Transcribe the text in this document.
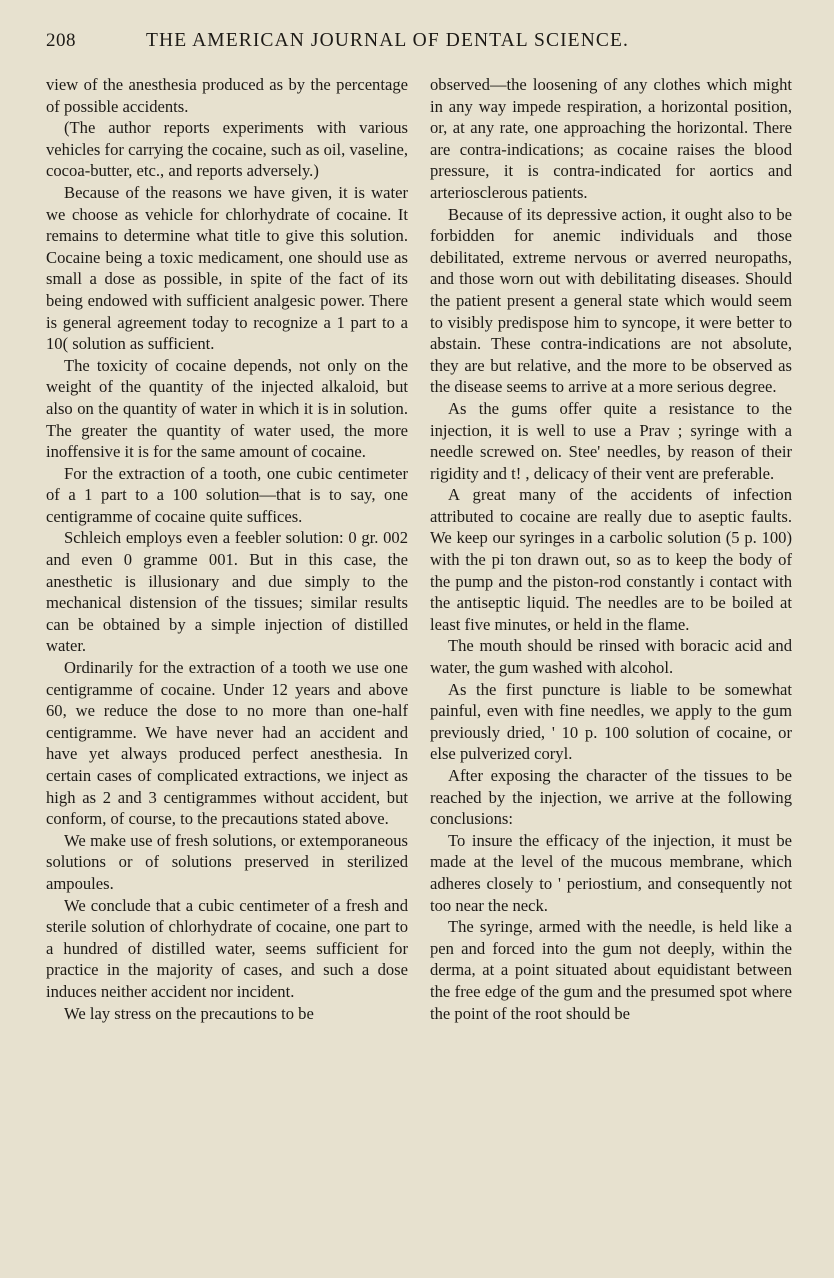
208	THE AMERICAN JOURNAL OF DENTAL SCIENCE.

view of the anesthesia produced as by the percentage of possible accidents.

(The author reports experiments with various vehicles for carrying the cocaine, such as oil, vaseline, cocoa-butter, etc., and reports adversely.)

Because of the reasons we have given, it is water we choose as vehicle for chlorhydrate of cocaine. It remains to determine what title to give this solution. Cocaine being a toxic medicament, one should use as small a dose as possible, in spite of the fact of its being endowed with sufficient analgesic power. There is general agreement today to recognize a 1 part to a 10( solution as sufficient.

The toxicity of cocaine depends, not only on the weight of the quantity of the injected alkaloid, but also on the quantity of water in which it is in solution. The greater the quantity of water used, the more inoffensive it is for the same amount of cocaine.

For the extraction of a tooth, one cubic centimeter of a 1 part to a 100 solution—that is to say, one centigramme of cocaine quite suffices.

Schleich employs even a feebler solution: 0 gr. 002 and even 0 gramme 001. But in this case, the anesthetic is illusionary and due simply to the mechanical distension of the tissues; similar results can be obtained by a simple injection of distilled water.

Ordinarily for the extraction of a tooth we use one centigramme of cocaine. Under 12 years and above 60, we reduce the dose to no more than one-half centigramme. We have never had an accident and have yet always produced perfect anesthesia. In certain cases of complicated extractions, we inject as high as 2 and 3 centigrammes without accident, but conform, of course, to the precautions stated above.

We make use of fresh solutions, or extemporaneous solutions or of solutions preserved in sterilized ampoules.

We conclude that a cubic centimeter of a fresh and sterile solution of chlorhydrate of cocaine, one part to a hundred of distilled water, seems sufficient for practice in the majority of cases, and such a dose induces neither accident nor incident.

We lay stress on the precautions to be

observed—the loosening of any clothes which might in any way impede respiration, a horizontal position, or, at any rate, one approaching the horizontal. There are contra-indications; as cocaine raises the blood pressure, it is contra-indicated for aortics and arteriosclerous patients.

Because of its depressive action, it ought also to be forbidden for anemic individuals and those debilitated, extreme nervous or averred neuropaths, and those worn out with debilitating diseases. Should the patient present a general state which would seem to visibly predispose him to syncope, it were better to abstain. These contra-indications are not absolute, they are but relative, and the more to be observed as the disease seems to arrive at a more serious degree.

As the gums offer quite a resistance to the injection, it is well to use a Prav ; syringe with a needle screwed on. Stee' needles, by reason of their rigidity and t! , delicacy of their vent are preferable.

A great many of the accidents of infection attributed to cocaine are really due to aseptic faults. We keep our syringes in a carbolic solution (5 p. 100) with the pi ton drawn out, so as to keep the body of the pump and the piston-rod constantly i contact with the antiseptic liquid. The needles are to be boiled at least five minutes, or held in the flame.

The mouth should be rinsed with boracic acid and water, the gum washed with alcohol.

As the first puncture is liable to be somewhat painful, even with fine needles, we apply to the gum previously dried, ' 10 p. 100 solution of cocaine, or else pulverized coryl.

After exposing the character of the tissues to be reached by the injection, we arrive at the following conclusions:

To insure the efficacy of the injection, it must be made at the level of the mucous membrane, which adheres closely to ' periostium, and consequently not too near the neck.

The syringe, armed with the needle, is held like a pen and forced into the gum not deeply, within the derma, at a point situated about equidistant between the free edge of the gum and the presumed spot where the point of the root should be
